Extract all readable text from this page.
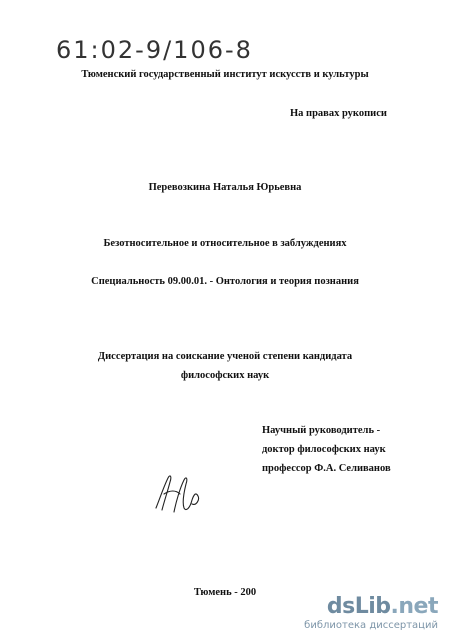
61:02-9/106-8
Тюменский государственный институт искусств и культуры
На правах рукописи
Перевозкина Наталья Юрьевна
Безотносительное и относительное в заблуждениях
Специальность 09.00.01. - Онтология и теория познания
Диссертация на соискание ученой степени кандидата
философских наук
Научный руководитель -
доктор философских наук
профессор Ф.А. Селиванов
Тюмень - 200
dsLib.net
библиотека диссертаций
